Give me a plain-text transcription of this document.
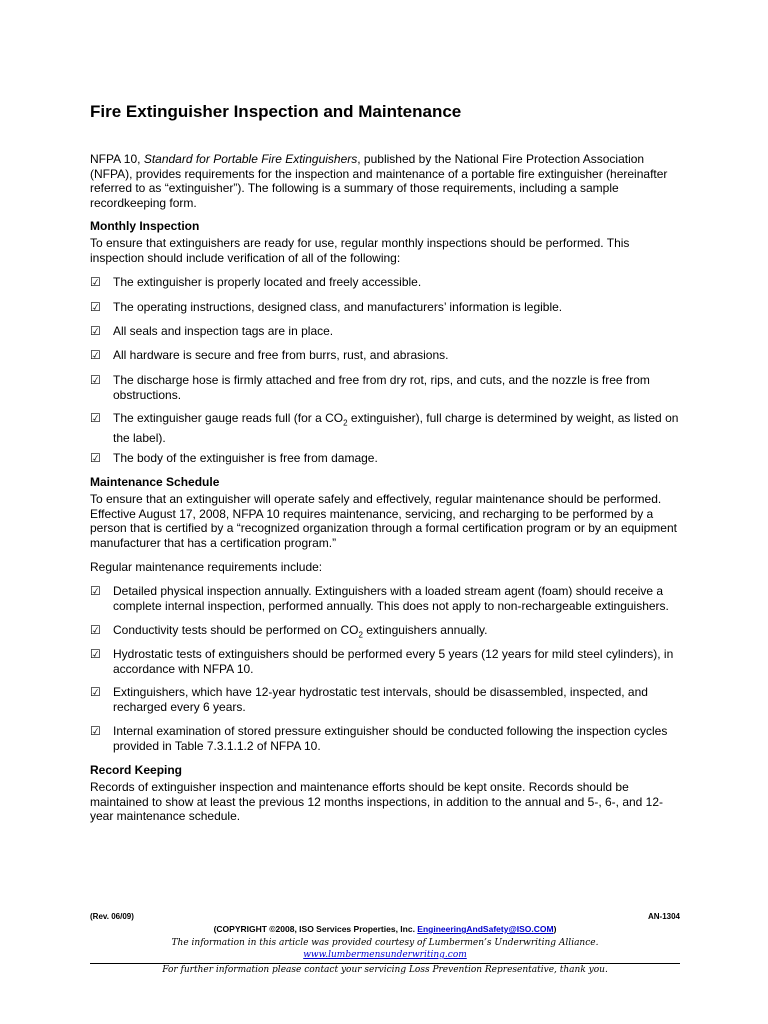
Fire Extinguisher Inspection and Maintenance

NFPA 10, Standard for Portable Fire Extinguishers, published by the National Fire Protection Association (NFPA), provides requirements for the inspection and maintenance of a portable fire extinguisher (hereinafter referred to as “extinguisher”). The following is a summary of those requirements, including a sample recordkeeping form.

Monthly Inspection

To ensure that extinguishers are ready for use, regular monthly inspections should be performed. This inspection should include verification of all of the following:

☑ The extinguisher is properly located and freely accessible.
☑ The operating instructions, designed class, and manufacturers’ information is legible.
☑ All seals and inspection tags are in place.
☑ All hardware is secure and free from burrs, rust, and abrasions.
☑ The discharge hose is firmly attached and free from dry rot, rips, and cuts, and the nozzle is free from obstructions.
☑ The extinguisher gauge reads full (for a $CO_2$ extinguisher), full charge is determined by weight, as listed on the label).
☑ The body of the extinguisher is free from damage.
Maintenance Schedule

To ensure that an extinguisher will operate safely and effectively, regular maintenance should be performed. Effective August 17, 2008, NFPA 10 requires maintenance, servicing, and recharging to be performed by a person that is certified by a “recognized organization through a formal certification program or by an equipment manufacturer that has a certification program.”

Regular maintenance requirements include:

☑ Detailed physical inspection annually. Extinguishers with a loaded stream agent (foam) should receive a complete internal inspection, performed annually. This does not apply to non-rechargeable extinguishers.
☑ Conductivity tests should be performed on $CO_2$ extinguishers annually.
☑ Hydrostatic tests of extinguishers should be performed every 5 years (12 years for mild steel cylinders), in accordance with NFPA 10.
☑ Extinguishers, which have 12-year hydrostatic test intervals, should be disassembled, inspected, and recharged every 6 years.
☑ Internal examination of stored pressure extinguisher should be conducted following the inspection cycles provided in Table 7.3.1.1.2 of NFPA 10.
Record Keeping

Records of extinguisher inspection and maintenance efforts should be kept onsite. Records should be maintained to show at least the previous 12 months inspections, in addition to the annual and 5-, 6-, and 12-year maintenance schedule.

(Rev. 06/09)	AN-1304
(COPYRIGHT ©2008, ISO Services Properties, Inc. EngineeringAndSafety@ISO.COM)
The information in this article was provided courtesy of Lumbermen’s Underwriting Alliance.
www.lumbermensunderwriting.com
For further information please contact your servicing Loss Prevention Representative, thank you.
